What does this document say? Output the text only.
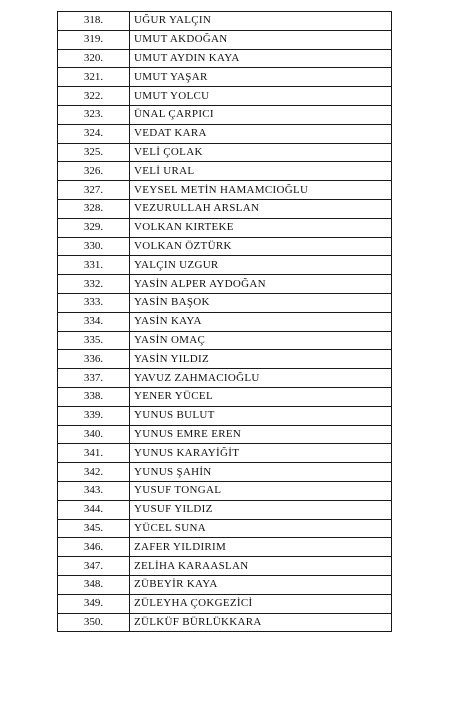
318.	UĞUR YALÇIN
319.	UMUT AKDOĞAN
320.	UMUT AYDIN KAYA
321.	UMUT YAŞAR
322.	UMUT YOLCU
323.	ÜNAL ÇARPICI
324.	VEDAT KARA
325.	VELİ ÇOLAK
326.	VELİ URAL
327.	VEYSEL METİN HAMAMCIOĞLU
328.	VEZURULLAH ARSLAN
329.	VOLKAN KIRTEKE
330.	VOLKAN ÖZTÜRK
331.	YALÇIN UZGUR
332.	YASİN ALPER AYDOĞAN
333.	YASİN BAŞOK
334.	YASİN KAYA
335.	YASİN OMAÇ
336.	YASİN YILDIZ
337.	YAVUZ ZAHMACIOĞLU
338.	YENER YÜCEL
339.	YUNUS BULUT
340.	YUNUS EMRE EREN
341.	YUNUS KARAYİĞİT
342.	YUNUS ŞAHİN
343.	YUSUF TONGAL
344.	YUSUF YILDIZ
345.	YÜCEL SUNA
346.	ZAFER YILDIRIM
347.	ZELİHA KARAASLAN
348.	ZÜBEYİR KAYA
349.	ZÜLEYHA ÇOKGEZİCİ
350.	ZÜLKÜF BÜRLÜKKARA
